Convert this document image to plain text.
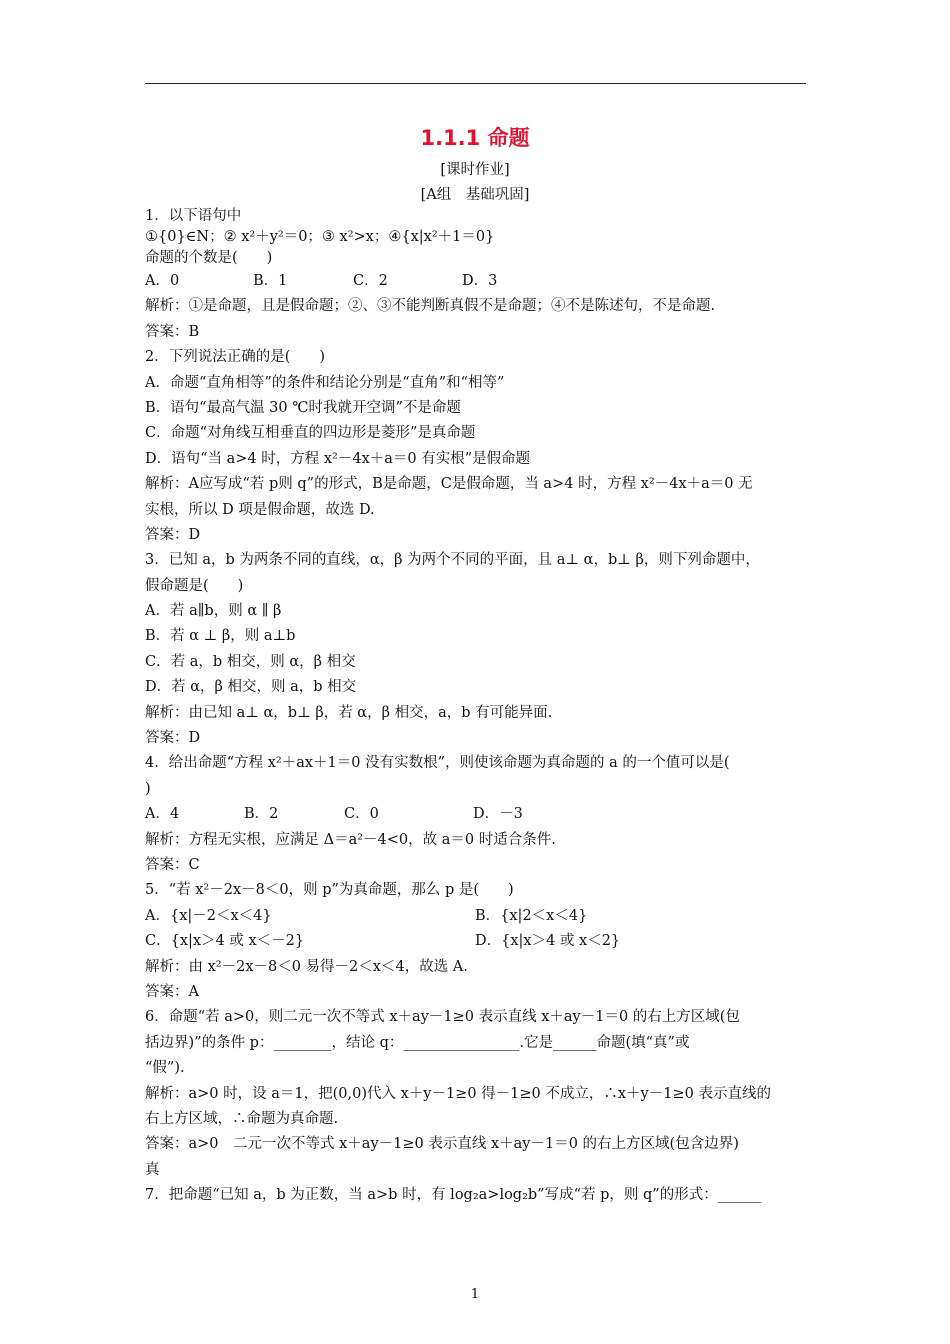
1.1.1 命题
[课时作业]
[A组　基础巩固]
1．以下语句中
①{0}∈N；② x²＋y²＝0；③ x²>x；④{x|x²＋1＝0}
命题的个数是(　　)
A．0	B．1	C．2	D．3
解析：①是命题，且是假命题；②、③不能判断真假不是命题；④不是陈述句，不是命题.
答案：B
2．下列说法正确的是(　　)
A．命题“直角相等”的条件和结论分别是“直角”和“相等”
B．语句“最高气温 30 ℃时我就开空调”不是命题
C．命题“对角线互相垂直的四边形是菱形”是真命题
D．语句“当 a>4 时，方程 x²－4x＋a＝0 有实根”是假命题
解析：A应写成“若 p则 q”的形式，B是命题，C是假命题，当 a>4 时，方程 x²－4x＋a＝0 无
实根，所以 D 项是假命题，故选 D.
答案：D
3．已知 a，b 为两条不同的直线，α，β 为两个不同的平面，且 a⊥ α，b⊥ β，则下列命题中，
假命题是(　　)
A．若 a∥b，则 α ∥ β
B．若 α ⊥ β，则 a⊥b
C．若 a，b 相交，则 α，β 相交
D．若 α，β 相交，则 a，b 相交
解析：由已知 a⊥ α，b⊥ β，若 α，β 相交，a，b 有可能异面.
答案：D
4．给出命题“方程 x²＋ax＋1＝0 没有实数根”，则使该命题为真命题的 a 的一个值可以是(
)
A．4	B．2	C．0	D．－3
解析：方程无实根，应满足 Δ＝a²－4<0，故 a＝0 时适合条件.
答案：C
5．“若 x²－2x－8＜0，则 p”为真命题，那么 p 是(　　)
A．{x|－2＜x＜4}	B．{x|2＜x＜4}
C．{x|x＞4 或 x＜－2}	D．{x|x＞4 或 x＜2}
解析：由 x²－2x－8＜0 易得－2＜x＜4，故选 A.
答案：A
6．命题“若 a>0，则二元一次不等式 x＋ay－1≥0 表示直线 x＋ay－1＝0 的右上方区域(包
括边界)”的条件 p：________，结论 q：________________.它是______命题(填“真”或
“假”).
解析：a>0 时，设 a＝1，把(0,0)代入 x＋y－1≥0 得－1≥0 不成立，∴x＋y－1≥0 表示直线的
右上方区域，∴命题为真命题.
答案：a>0　二元一次不等式 x＋ay－1≥0 表示直线 x＋ay－1＝0 的右上方区域(包含边界)
真
7．把命题“已知 a，b 为正数，当 a>b 时，有 log₂a>log₂b”写成“若 p，则 q”的形式：______
1
